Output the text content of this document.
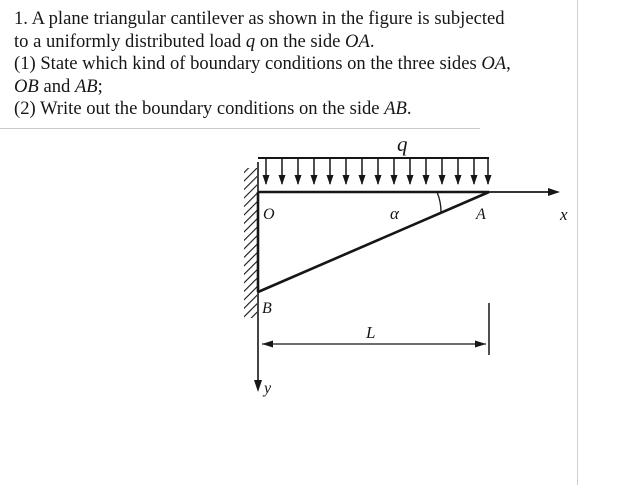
1. A plane triangular cantilever as shown in the figure is subjected
to a uniformly distributed load q on the side OA.
(1) State which kind of boundary conditions on the three sides OA,
OB and AB;
(2) Write out the boundary conditions on the side AB.
q
O	α	A	x
B
L
y
